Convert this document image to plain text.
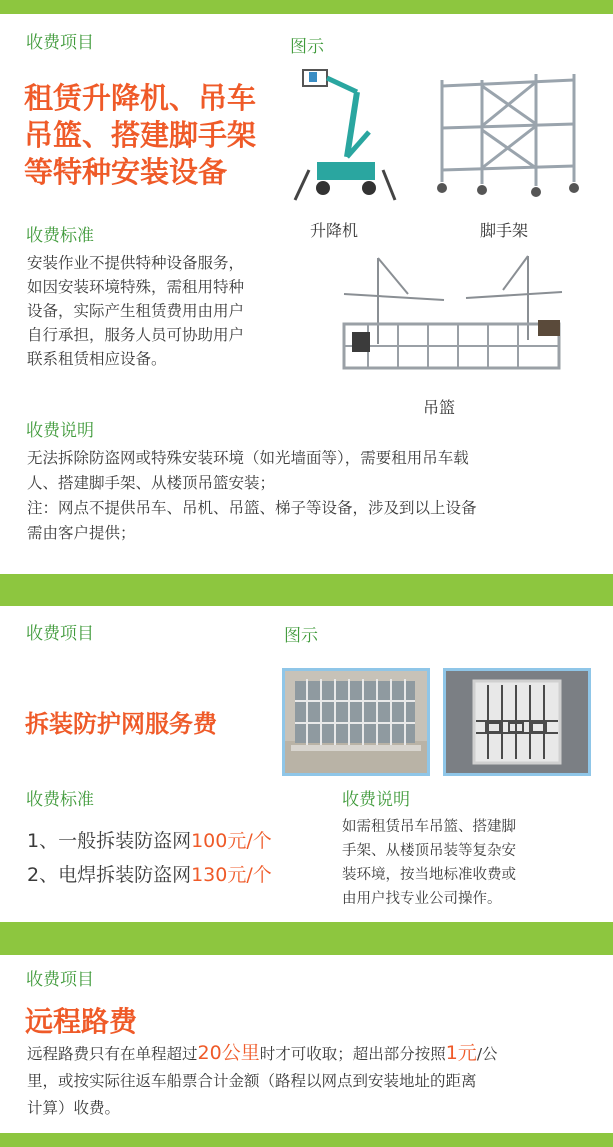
收费项目	图示
租赁升降机、吊车
吊篮、搭建脚手架
等特种安装设备
收费标准
安装作业不提供特种设备服务，
如因安装环境特殊，需租用特种
设备，实际产生租赁费用由用户
自行承担，服务人员可协助用户
联系租赁相应设备。
升降机	脚手架
吊篮
收费说明
无法拆除防盗网或特殊安装环境（如光墙面等），需要租用吊车载
人、搭建脚手架、从楼顶吊篮安装；
注：网点不提供吊车、吊机、吊篮、梯子等设备，涉及到以上设备
需由客户提供；
收费项目	图示
拆装防护网服务费
收费标准
1、一般拆装防盗网100元/个
2、电焊拆装防盗网130元/个
收费说明
如需租赁吊车吊篮、搭建脚
手架、从楼顶吊装等复杂安
装环境，按当地标准收费或
由用户找专业公司操作。
收费项目
远程路费
远程路费只有在单程超过20公里时才可收取；超出部分按照1元/公
里，或按实际往返车船票合计金额（路程以网点到安装地址的距离
计算）收费。
